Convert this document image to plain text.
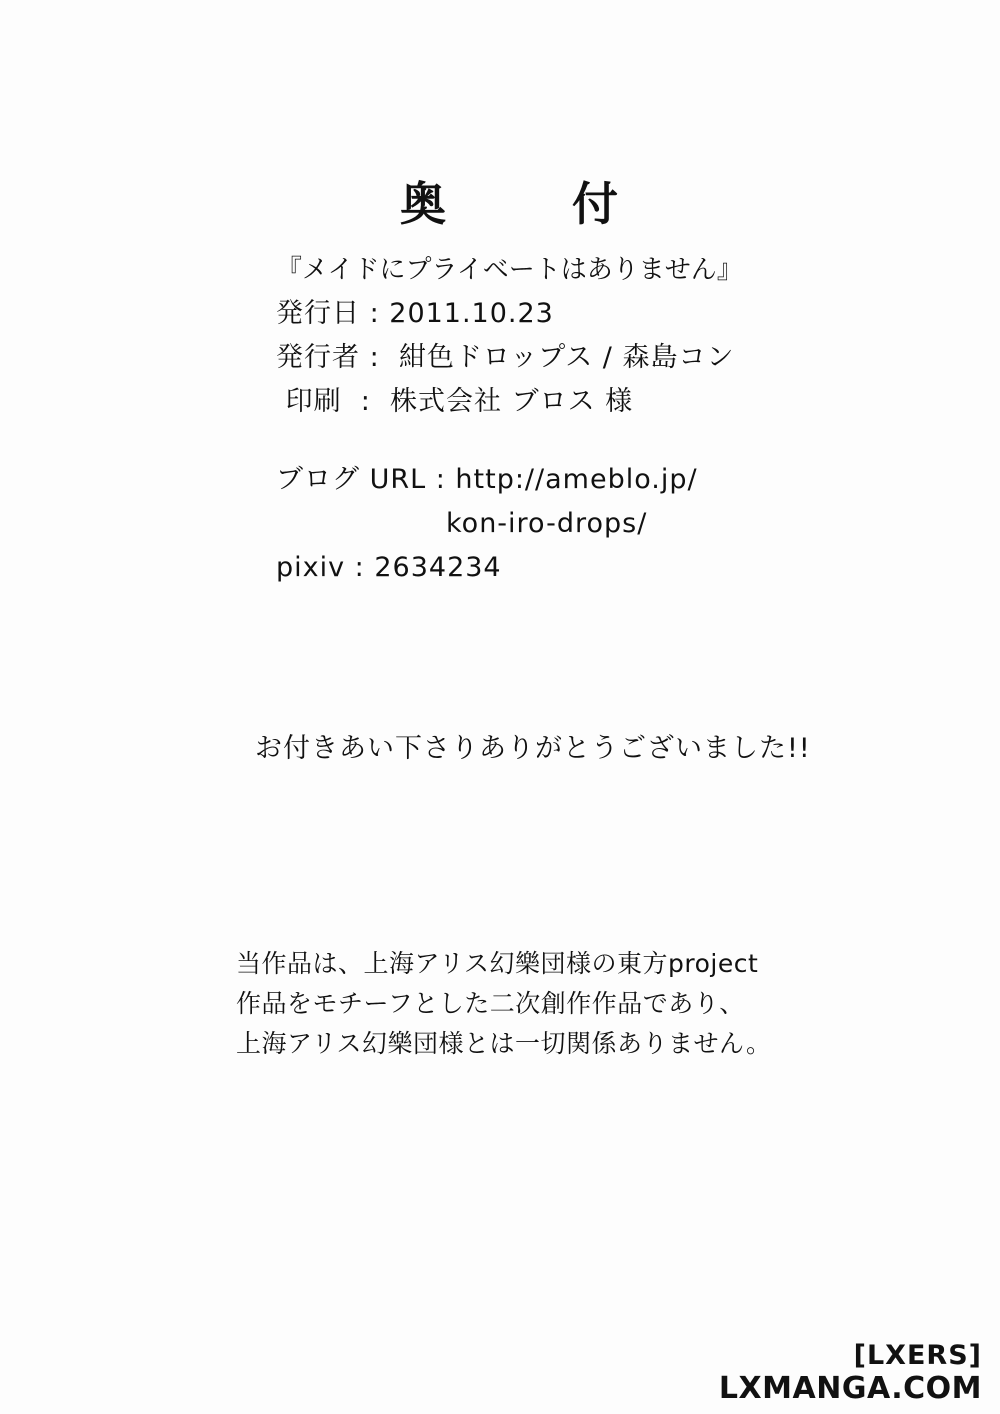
奥　付
『メイドにプライベートはありません』
発行日 : 2011.10.23
発行者 :  紺色ドロップス / 森島コン
印刷  :  株式会社 ブロス 様
ブログ URL : http://ameblo.jp/
kon-iro-drops/
pixiv : 2634234
お付きあい下さりありがとうございました!!
当作品は、上海アリス幻樂団様の東方project
作品をモチーフとした二次創作作品であり、
上海アリス幻樂団様とは一切関係ありません。
[LXERS]
LXMANGA.COM
